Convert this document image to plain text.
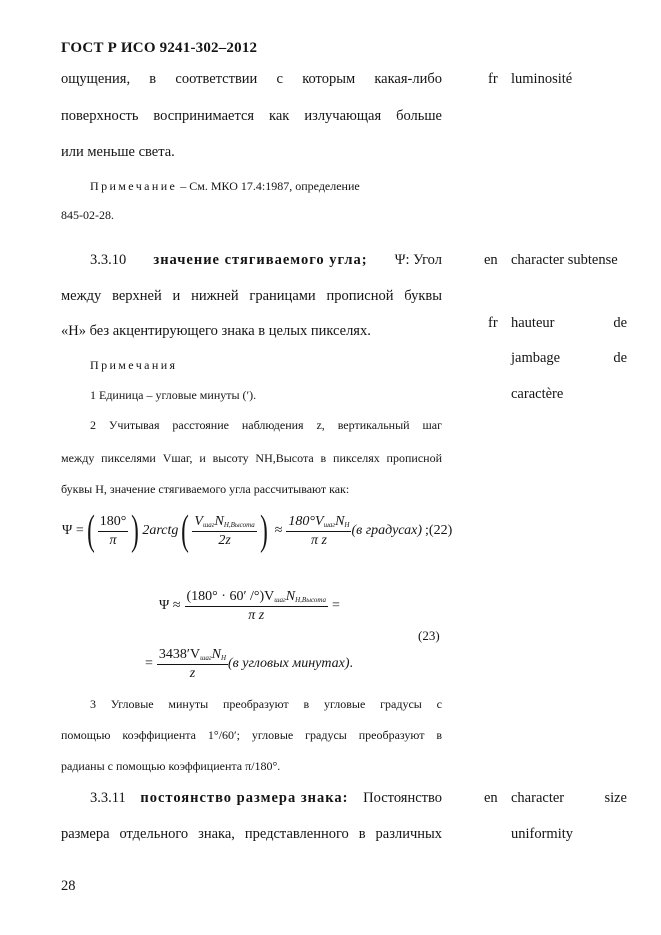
ГОСТ Р ИСО 9241-302–2012
ощущения, в соответствии с которым какая-либо
поверхность воспринимается как излучающая больше
или меньше света.
Примечание – См. МКО 17.4:1987, определение
845-02-28.
3.3.10 значение стягиваемого угла; Ψ: Угол
между верхней и нижней границами прописной буквы
«H» без акцентирующего знака в целых пикселях.
Примечания
1 Единица – угловые минуты (′).
2 Учитывая расстояние наблюдения z, вертикальный шаг
между пикселями Vшаг, и высоту NH,Высота в пикселях прописной
буквы H, значение стягиваемого угла рассчитывают как:
Ψ = ( $\frac{180^\circ}{\pi}$ ) 2arctg ( $\frac{V_{шаг}N_{H,Высота}}{2z}$ ) ≈ $\frac{180^\circ V_{шаг}N_H}{\text{π z}} (в$ градусах) ;(22)
$\Psi \approx \frac{(180^\circ \cdot 60' /^\circ)V_{шаг}N_{H,Высота}}{\text{π z}}$ =
(23)
= $\frac{3438'V_{шаг}N_H}{z} (в$ угловых минутах) .
3 Угловые минуты преобразуют в угловые градусы с
помощью коэффициента 1°/60′; угловые градусы преобразуют в
радианы с помощью коэффициента π/180°.
3.3.11 постоянство размера знака: Постоянство
размера отдельного знака, представленного в различных
fr luminosité
en character subtense
fr hauteur	de
jambage	de
caractère
en character	size
uniformity
28
